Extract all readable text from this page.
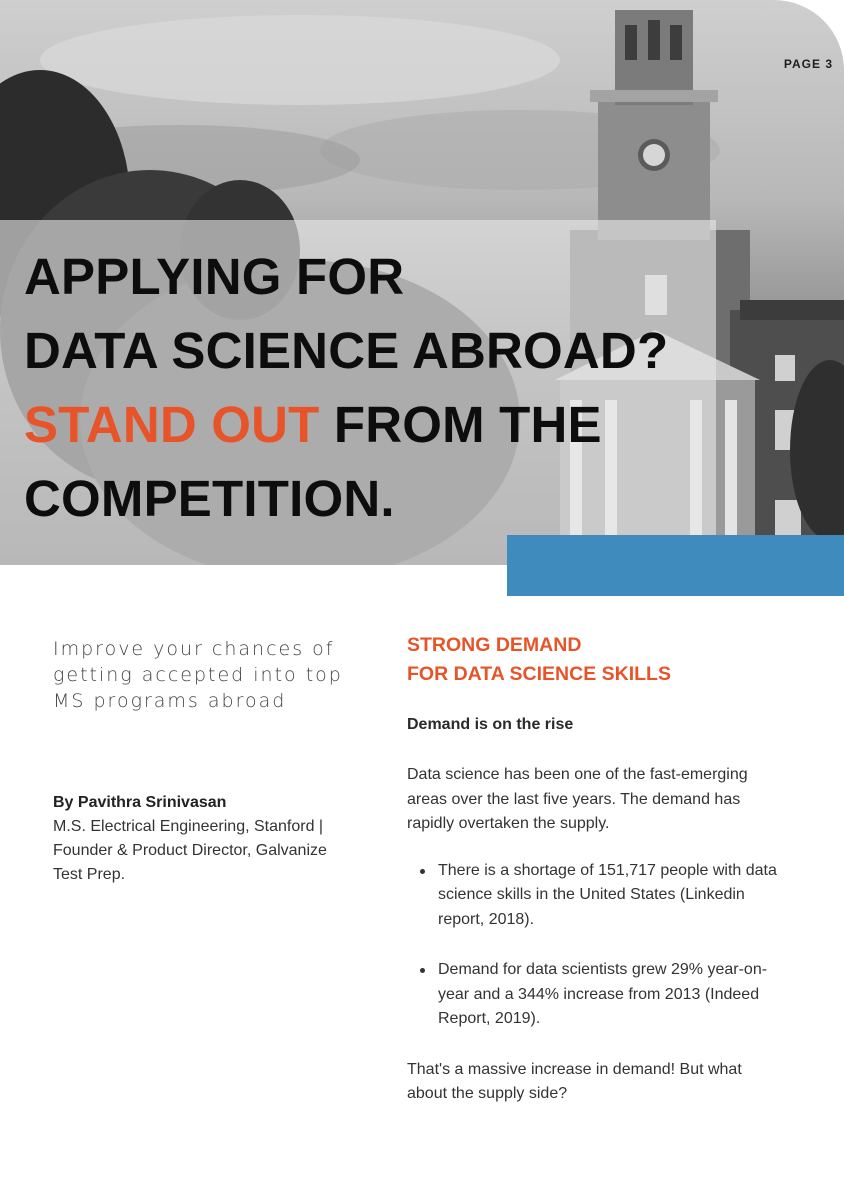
APPLYING FOR
DATA SCIENCE ABROAD?
STAND OUT FROM THE
COMPETITION.
PAGE 3

Improve your chances of getting accepted into top MS programs abroad

By Pavithra Srinivasan

M.S. Electrical Engineering, Stanford | Founder & Product Director, Galvanize Test Prep.

STRONG DEMAND
FOR DATA SCIENCE SKILLS
Demand is on the rise

Data science has been one of the fast-emerging areas over the last five years. The demand has rapidly overtaken the supply.

There is a shortage of 151,717 people with data science skills in the United States (Linkedin report, 2018).
Demand for data scientists grew 29% year-on-year and a 344% increase from 2013 (Indeed Report, 2019).

That's a massive increase in demand! But what about the supply side?
